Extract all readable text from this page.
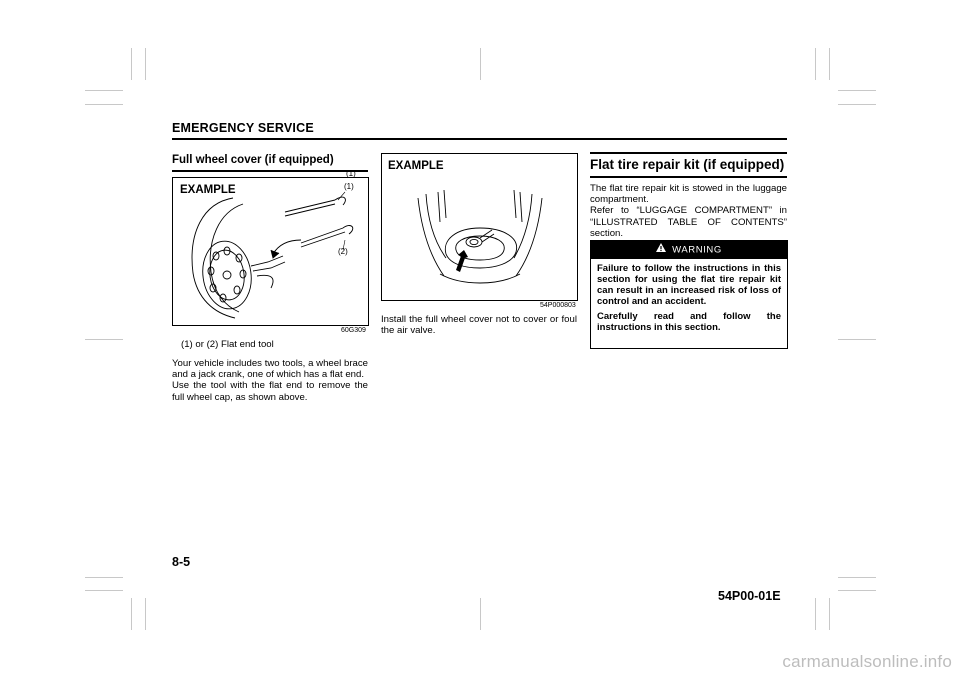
EMERGENCY SERVICE
Full wheel cover (if equipped)
EXAMPLE
(1)
(1)
(2)
60G309
(1) or (2) Flat end tool

Your vehicle includes two tools, a wheel brace and a jack crank, one of which has a flat end.

Use the tool with the flat end to remove the full wheel cap, as shown above.

EXAMPLE
54P000803

Install the full wheel cover not to cover or foul the air valve.

Flat tire repair kit (if equipped)

The flat tire repair kit is stowed in the luggage compartment.

Refer to “LUGGAGE COMPARTMENT” in “ILLUSTRATED TABLE OF CONTENTS” section.

WARNING

Failure to follow the instructions in this section for using the flat tire repair kit can result in an increased risk of loss of control and an accident.

Carefully read and follow the instructions in this section.

8-5
54P00-01E
carmanualsonline.info
